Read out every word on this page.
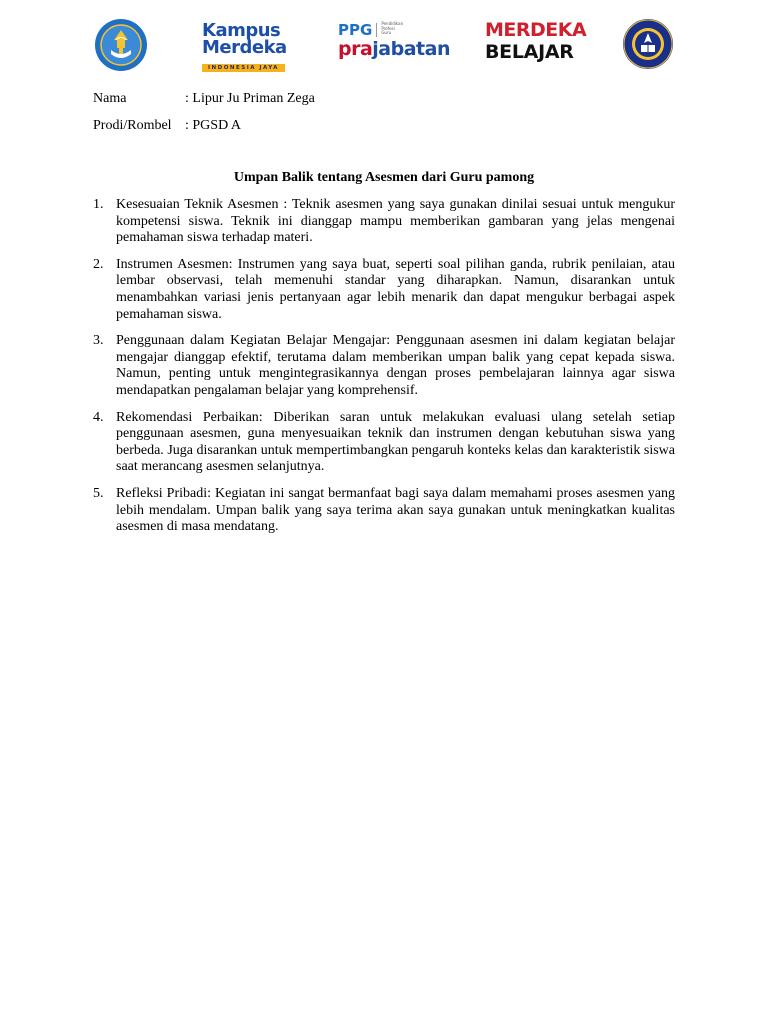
Kampus
Merdeka
INDONESIA JAYA
PPG Pendidikan
Profesi
Guru
prajabatan
MERDEKA
BELAJAR
Nama	: Lipur Ju Priman Zega
Prodi/Rombel : PGSD A
Umpan Balik tentang Asesmen dari Guru pamong
1. Kesesuaian Teknik Asesmen : Teknik asesmen yang saya gunakan dinilai sesuai untuk mengukur kompetensi siswa. Teknik ini dianggap mampu memberikan gambaran yang jelas mengenai pemahaman siswa terhadap materi.
2. Instrumen Asesmen: Instrumen yang saya buat, seperti soal pilihan ganda, rubrik penilaian, atau lembar observasi, telah memenuhi standar yang diharapkan. Namun, disarankan untuk menambahkan variasi jenis pertanyaan agar lebih menarik dan dapat mengukur berbagai aspek pemahaman siswa.
3. Penggunaan dalam Kegiatan Belajar Mengajar: Penggunaan asesmen ini dalam kegiatan belajar mengajar dianggap efektif, terutama dalam memberikan umpan balik yang cepat kepada siswa. Namun, penting untuk mengintegrasikannya dengan proses pembelajaran lainnya agar siswa mendapatkan pengalaman belajar yang komprehensif.
4. Rekomendasi Perbaikan: Diberikan saran untuk melakukan evaluasi ulang setelah setiap penggunaan asesmen, guna menyesuaikan teknik dan instrumen dengan kebutuhan siswa yang berbeda. Juga disarankan untuk mempertimbangkan pengaruh konteks kelas dan karakteristik siswa saat merancang asesmen selanjutnya.
5. Refleksi Pribadi: Kegiatan ini sangat bermanfaat bagi saya dalam memahami proses asesmen yang lebih mendalam. Umpan balik yang saya terima akan saya gunakan untuk meningkatkan kualitas asesmen di masa mendatang.
